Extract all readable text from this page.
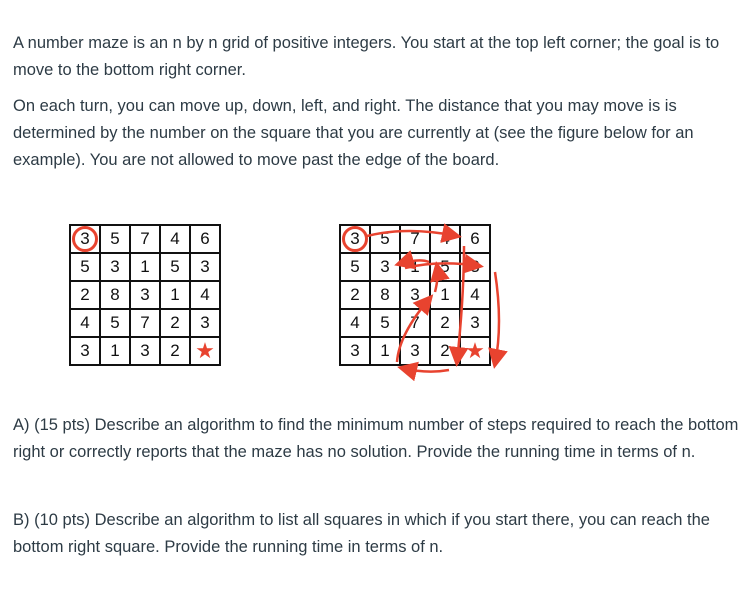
A number maze is an n by n grid of positive integers. You start at the top left corner; the goal is to move to the bottom right corner.

On each turn, you can move up, down, left, and right. The distance that you may move is is determined by the number on the square that you are currently at (see the figure below for an example). You are not allowed to move past the edge of the board.

3	5	7	4	6
5	3	1	5	3
2	8	3	1	4
4	5	7	2	3
3	1	3	2	★
3	5	7	4	6
5	3	1	5	3
2	8	3	1	4
4	5	7	2	3
3	1	3	2	★

A) (15 pts) Describe an algorithm to find the minimum number of steps required to reach the bottom right or correctly reports that the maze has no solution. Provide the running time in terms of n.

B) (10 pts) Describe an algorithm to list all squares in which if you start there, you can reach the bottom right square. Provide the running time in terms of n.
